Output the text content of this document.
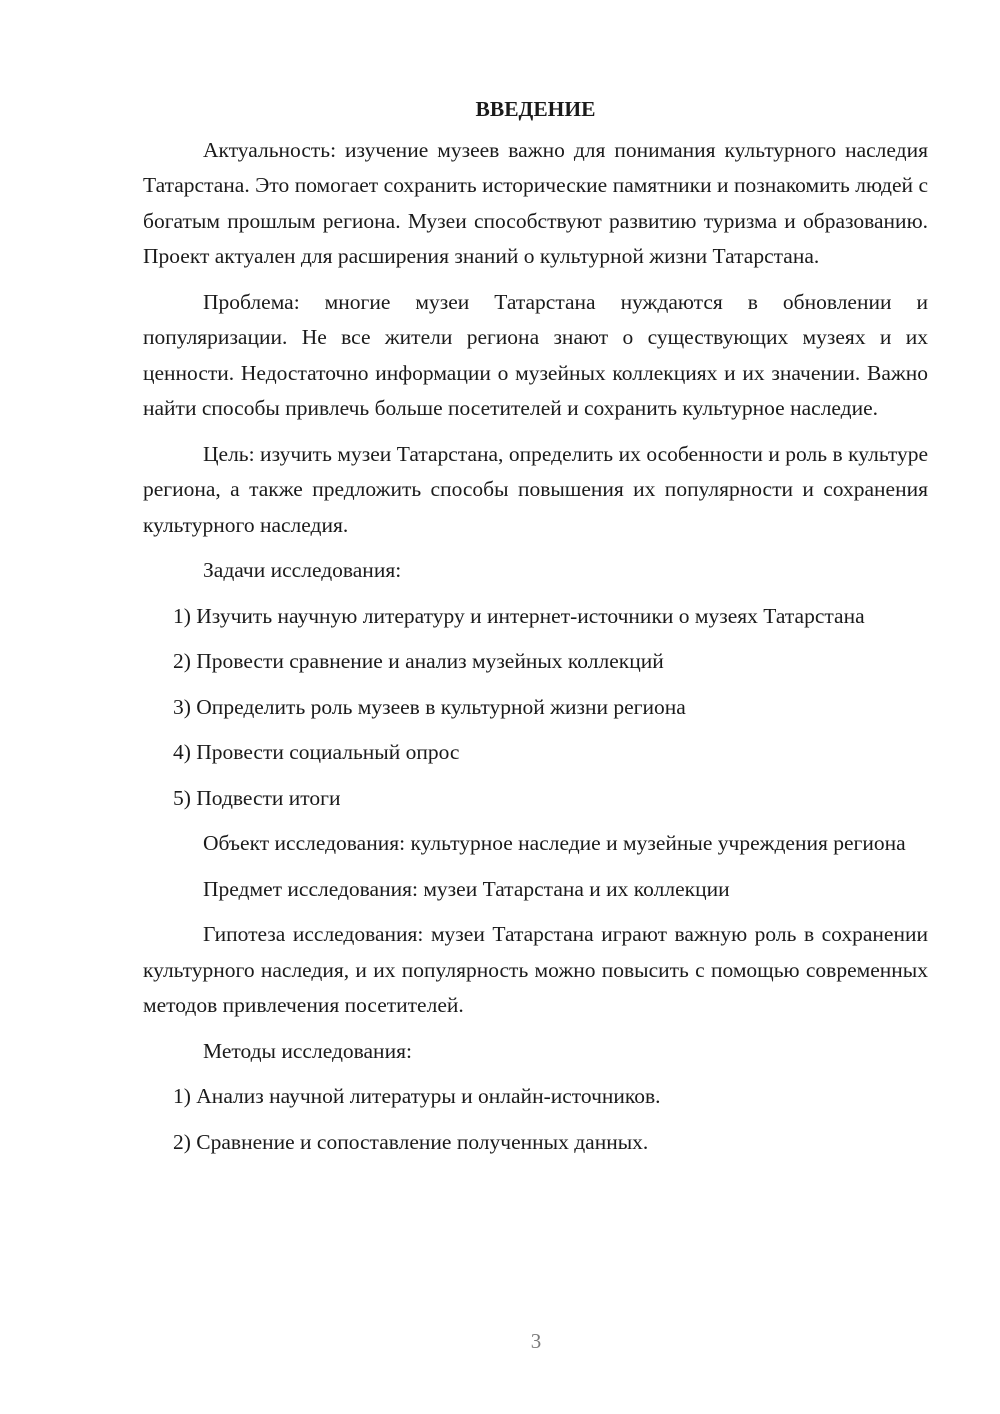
ВВЕДЕНИЕ

Актуальность: изучение музеев важно для понимания культурного наследия Татарстана. Это помогает сохранить исторические памятники и познакомить людей с богатым прошлым региона. Музеи способствуют развитию туризма и образованию. Проект актуален для расширения знаний о культурной жизни Татарстана.

Проблема: многие музеи Татарстана нуждаются в обновлении и популяризации. Не все жители региона знают о существующих музеях и их ценности. Недостаточно информации о музейных коллекциях и их значении. Важно найти способы привлечь больше посетителей и сохранить культурное наследие.

Цель: изучить музеи Татарстана, определить их особенности и роль в культуре региона, а также предложить способы повышения их популярности и сохранения культурного наследия.

Задачи исследования:

1) Изучить научную литературу и интернет-источники о музеях Татарстана

2) Провести сравнение и анализ музейных коллекций

3) Определить роль музеев в культурной жизни региона

4) Провести социальный опрос

5) Подвести итоги

Объект исследования: культурное наследие и музейные учреждения региона

Предмет исследования: музеи Татарстана и их коллекции

Гипотеза исследования: музеи Татарстана играют важную роль в сохранении культурного наследия, и их популярность можно повысить с помощью современных методов привлечения посетителей.

Методы исследования:

1) Анализ научной литературы и онлайн-источников.

2) Сравнение и сопоставление полученных данных.

3
